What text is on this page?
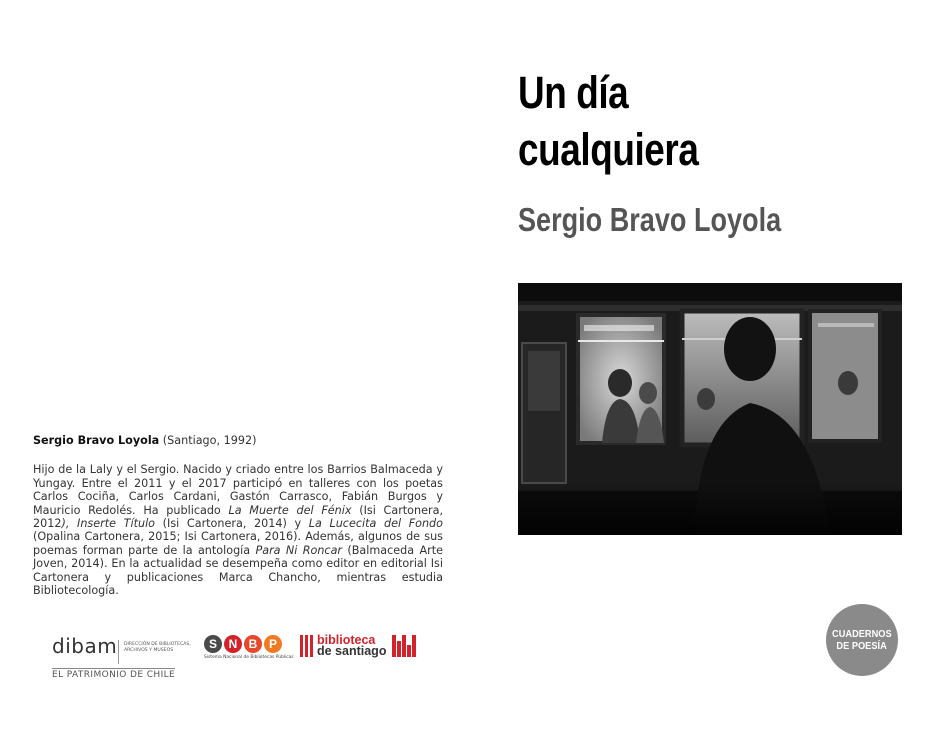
Sergio Bravo Loyola (Santiago, 1992)

Hijo de la Laly y el Sergio. Nacido y criado entre los Barrios Balmaceda y Yungay. Entre el 2011 y el 2017 participó en talleres con los poetas Carlos Cociña, Carlos Cardani, Gastón Carrasco, Fabián Burgos y Mauricio Redolés. Ha publicado La Muerte del Fénix (Isi Cartonera, 2012), Inserte Título (Isi Cartonera, 2014) y La Lucecita del Fondo (Opalina Cartonera, 2015; Isi Cartonera, 2016). Además, algunos de sus poemas forman parte de la antología Para Ni Roncar (Balmaceda Arte Joven, 2014). En la actualidad se desempeña como editor en editorial Isi Cartonera y publicaciones Marca Chancho, mientras estudia Bibliotecología.

dibam DIRECCIÓN DE BIBLIOTECAS, ARCHIVOS Y MUSEOS
EL PATRIMONIO DE CHILE
S N B P
Sistema Nacional de Bibliotecas Públicas
biblioteca
de santiago
Un día
cualquiera
Sergio Bravo Loyola
CUADERNOS
DE POESÍA
